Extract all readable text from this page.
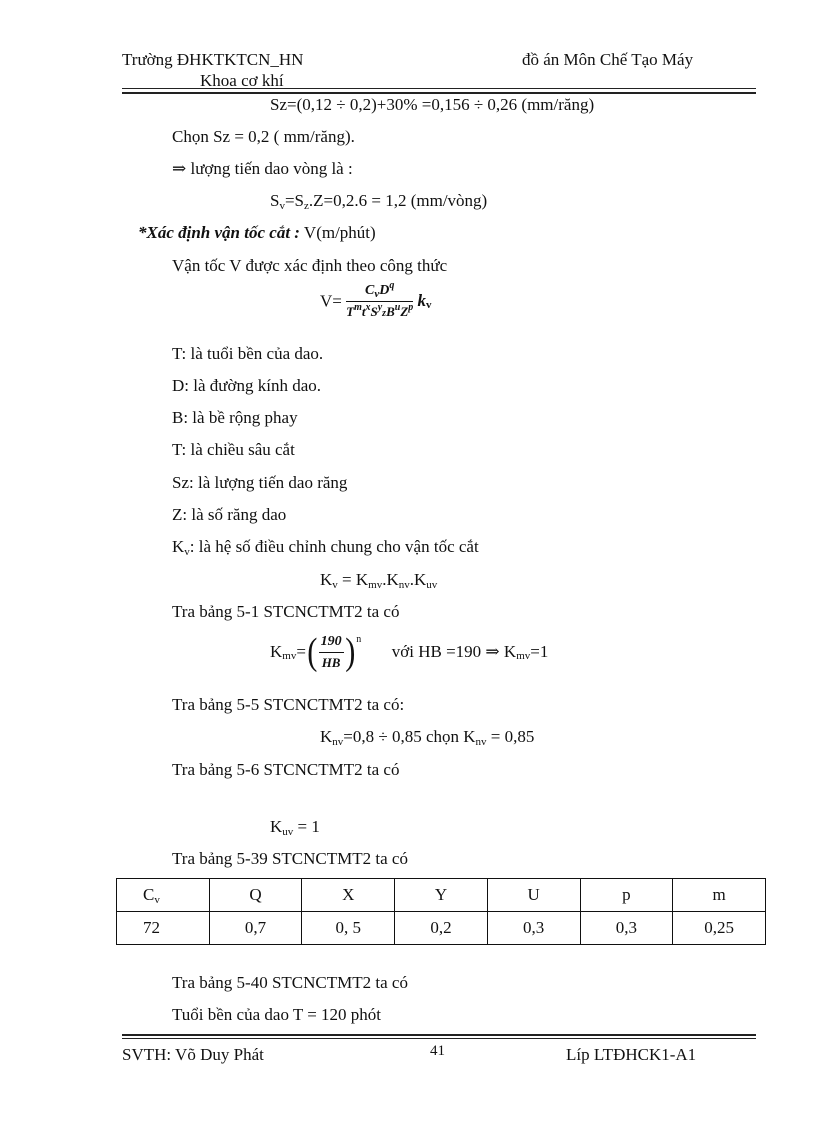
Trường ĐHKTKTCN_HN
Khoa cơ khí
đồ án Môn Chế Tạo Máy
Sz=(0,12 ÷ 0,2)+30% =0,156 ÷ 0,26 (mm/răng)
Chọn Sz = 0,2 ( mm/răng).
⇒ lượng tiến dao vòng là :
$S_v=S_z.Z=0,2.6 = 1,2$ (mm/vòng)
*Xác định vận tốc cắt : V(m/phút)
Vận tốc V được xác định theo công thức
$V= \frac{C_vD^q}{T^mt^xS^yzB^uZ^p} k_v$
T: là tuổi bền của dao.
D: là đường kính dao.
B: là bề rộng phay
T: là chiều sâu cắt
Sz: là lượng tiến dao răng
Z: là số răng dao
$K_v$: là hệ số điều chỉnh chung cho vận tốc cắt
$K_v = K_{mv}.K_{nv}.K_{uv}$
Tra bảng 5-1 STCNCTMT2 ta có
$K_{mv}=( \frac{190}{HB} )^n$  với HB =190 ⇒ $K_{mv}=1$
Tra bảng 5-5 STCNCTMT2 ta có:
$K_{nv}=0,8 \div 0,85$ chọn $K_{nv} = 0,85$
Tra bảng 5-6 STCNCTMT2 ta có
$K_{uv} = 1$
Tra bảng 5-39 STCNCTMT2 ta có
$C_v$	Q	X	Y	U	p	m
72	0,7	0, 5	0,2	0,3	0,3	0,25
Tra bảng 5-40 STCNCTMT2 ta có
Tuổi bền của dao T = 120 phót
SVTH: Võ Duy Phát	41	Líp LTĐHCK1-A1
